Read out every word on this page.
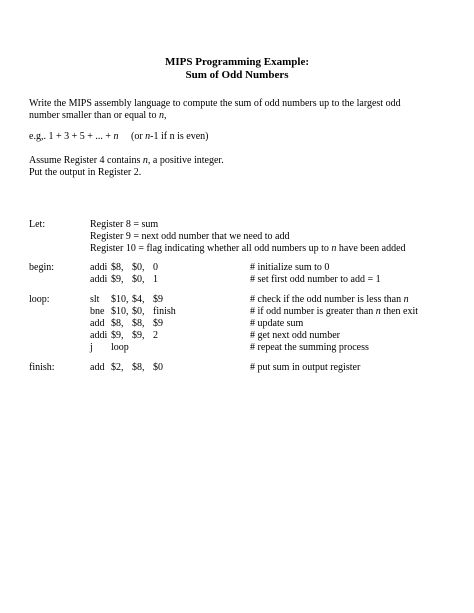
MIPS Programming Example:
Sum of Odd Numbers
Write the MIPS assembly language to compute the sum of odd numbers up to the largest odd
number smaller than or equal to n,
e.g,. 1 + 3 + 5 + ... + n     (or n-1 if n is even)
Assume Register 4 contains n, a positive integer.
Put the output in Register 2.
Let:	Register 8 = sum
Register 9 = next odd number that we need to add
Register 10 = flag indicating whether all odd numbers up to n have been added
begin:	addi $8, $0, 0	# initialize sum to 0
addi $9, $0, 1	# set first odd number to add = 1
loop:	slt $10, $4, $9	# check if the odd number is less than n
bne $10, $0, finish	# if odd number is greater than n then exit
add $8, $8, $9	# update sum
addi $9, $9, 2	# get next odd number
j loop	# repeat the summing process
finish:	add $2, $8, $0	# put sum in output register
